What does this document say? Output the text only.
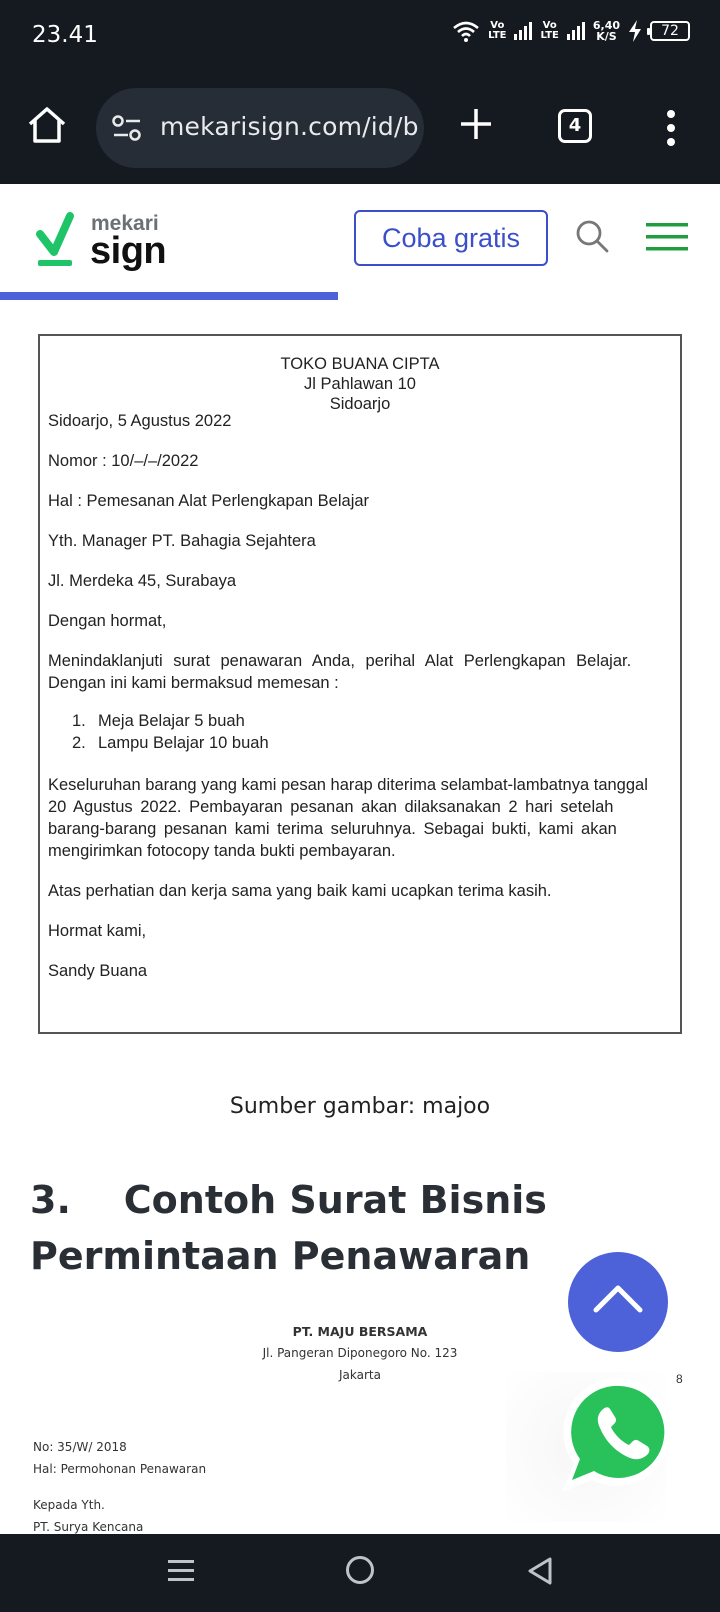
23.41	Vo
LTE
Vo
LTE
6,40
K/S	72
mekarisign.com/id/b	4
mekari
sign	Coba gratis
TOKO BUANA CIPTA
Jl Pahlawan 10
Sidoarjo
Sidoarjo, 5 Agustus 2022
Nomor : 10/–/–/2022
Hal : Pemesanan Alat Perlengkapan Belajar
Yth. Manager PT. Bahagia Sejahtera
Jl. Merdeka 45, Surabaya
Dengan hormat,
Menindaklanjuti surat penawaran Anda, perihal Alat Perlengkapan Belajar.
Dengan ini kami bermaksud memesan :
1. Meja Belajar 5 buah
2. Lampu Belajar 10 buah
Keseluruhan barang yang kami pesan harap diterima selambat-lambatnya tanggal
20 Agustus 2022. Pembayaran pesanan akan dilaksanakan 2 hari setelah
barang-barang pesanan kami terima seluruhnya. Sebagai bukti, kami akan
mengirimkan fotocopy tanda bukti pembayaran.
Atas perhatian dan kerja sama yang baik kami ucapkan terima kasih.
Hormat kami,
Sandy Buana
Sumber gambar: majoo
3.    Contoh Surat Bisnis Permintaan Penawaran
PT. MAJU BERSAMA
Jl. Pangeran Diponegoro No. 123
Jakarta
No: 35/W/ 2018
Hal: Permohonan Penawaran
Kepada Yth.
PT. Surya Kencana
8
